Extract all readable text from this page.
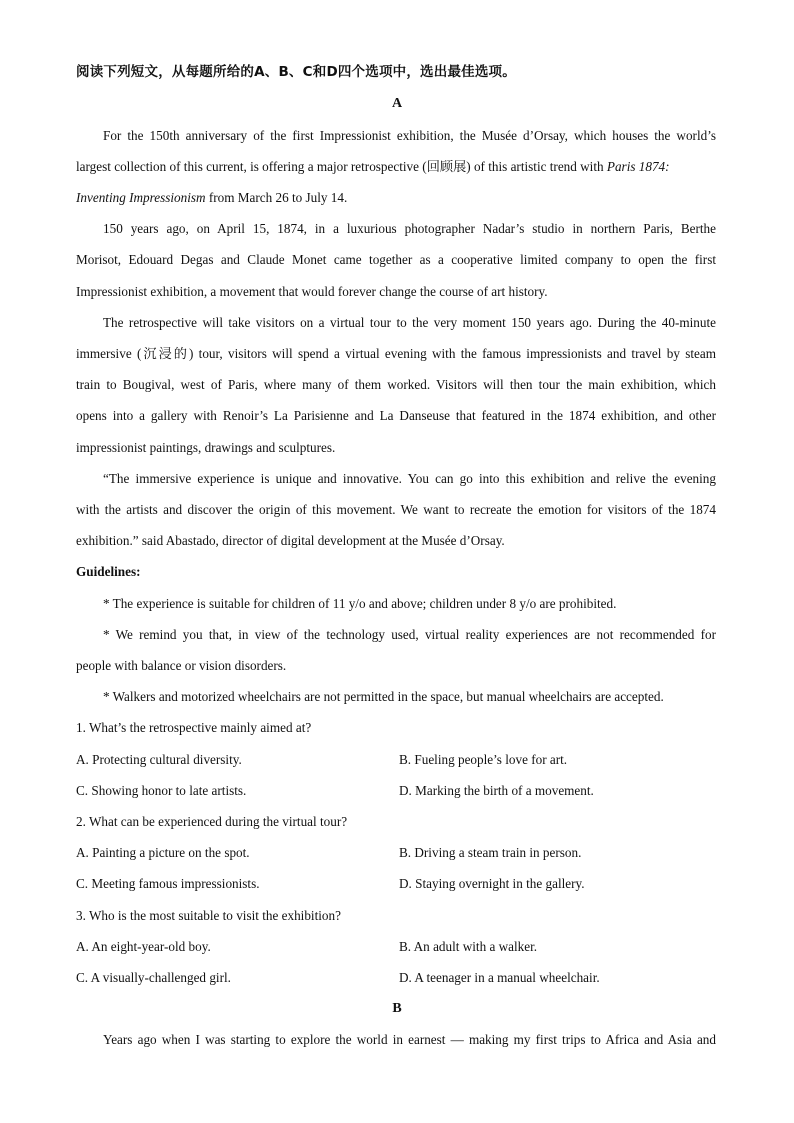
阅读下列短文，从每题所给的A、B、C和D四个选项中，选出最佳选项。
A
For the 150th anniversary of the first Impressionist exhibition, the Musée d’Orsay, which houses the world’s
largest collection of this current, is offering a major retrospective (回顾展) of this artistic trend with Paris 1874:
Inventing Impressionism from March 26 to July 14.
150 years ago, on April 15, 1874, in a luxurious photographer Nadar’s studio in northern Paris, Berthe
Morisot, Edouard Degas and Claude Monet came together as a cooperative limited company to open the first
Impressionist exhibition, a movement that would forever change the course of art history.
The retrospective will take visitors on a virtual tour to the very moment 150 years ago. During the 40-minute
immersive (沉浸的) tour, visitors will spend a virtual evening with the famous impressionists and travel by steam
train to Bougival, west of Paris, where many of them worked. Visitors will then tour the main exhibition, which
opens into a gallery with Renoir’s La Parisienne and La Danseuse that featured in the 1874 exhibition, and other
impressionist paintings, drawings and sculptures.
“The immersive experience is unique and innovative. You can go into this exhibition and relive the evening
with the artists and discover the origin of this movement. We want to recreate the emotion for visitors of the 1874
exhibition.” said Abastado, director of digital development at the Musée d’Orsay.
Guidelines:
* The experience is suitable for children of 11 y/o and above; children under 8 y/o are prohibited.
* We remind you that, in view of the technology used, virtual reality experiences are not recommended for
people with balance or vision disorders.
* Walkers and motorized wheelchairs are not permitted in the space, but manual wheelchairs are accepted.
1. What’s the retrospective mainly aimed at?
A. Protecting cultural diversity.	B. Fueling people’s love for art.
C. Showing honor to late artists.	D. Marking the birth of a movement.
2. What can be experienced during the virtual tour?
A. Painting a picture on the spot.	B. Driving a steam train in person.
C. Meeting famous impressionists.	D. Staying overnight in the gallery.
3. Who is the most suitable to visit the exhibition?
A. An eight-year-old boy.	B. An adult with a walker.
C. A visually-challenged girl.	D. A teenager in a manual wheelchair.
B
Years ago when I was starting to explore the world in earnest — making my first trips to Africa and Asia and
